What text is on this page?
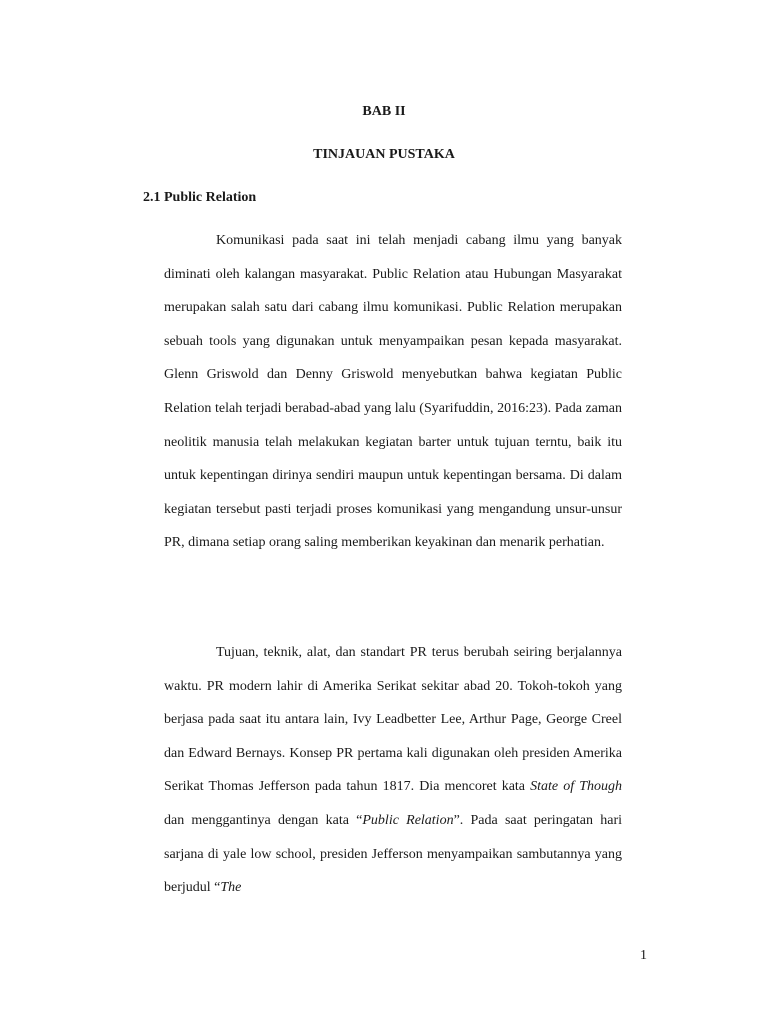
BAB II
TINJAUAN PUSTAKA
2.1 Public Relation

Komunikasi pada saat ini telah menjadi cabang ilmu yang banyak diminati oleh kalangan masyarakat. Public Relation atau Hubungan Masyarakat merupakan salah satu dari cabang ilmu komunikasi. Public Relation merupakan sebuah tools yang digunakan untuk menyampaikan pesan kepada masyarakat. Glenn Griswold dan Denny Griswold menyebutkan bahwa kegiatan Public Relation telah terjadi berabad-abad yang lalu (Syarifuddin, 2016:23). Pada zaman neolitik manusia telah melakukan kegiatan barter untuk tujuan terntu, baik itu untuk kepentingan dirinya sendiri maupun untuk kepentingan bersama. Di dalam kegiatan tersebut pasti terjadi proses komunikasi yang mengandung unsur-unsur PR, dimana setiap orang saling memberikan keyakinan dan menarik perhatian.

Tujuan, teknik, alat, dan standart PR terus berubah seiring berjalannya waktu. PR modern lahir di Amerika Serikat sekitar abad 20. Tokoh-tokoh yang berjasa pada saat itu antara lain, Ivy Leadbetter Lee, Arthur Page, George Creel dan Edward Bernays. Konsep PR pertama kali digunakan oleh presiden Amerika Serikat Thomas Jefferson pada tahun 1817. Dia mencoret kata State of Though dan menggantinya dengan kata “Public Relation”. Pada saat peringatan hari sarjana di yale low school, presiden Jefferson menyampaikan sambutannya yang berjudul “The

1
